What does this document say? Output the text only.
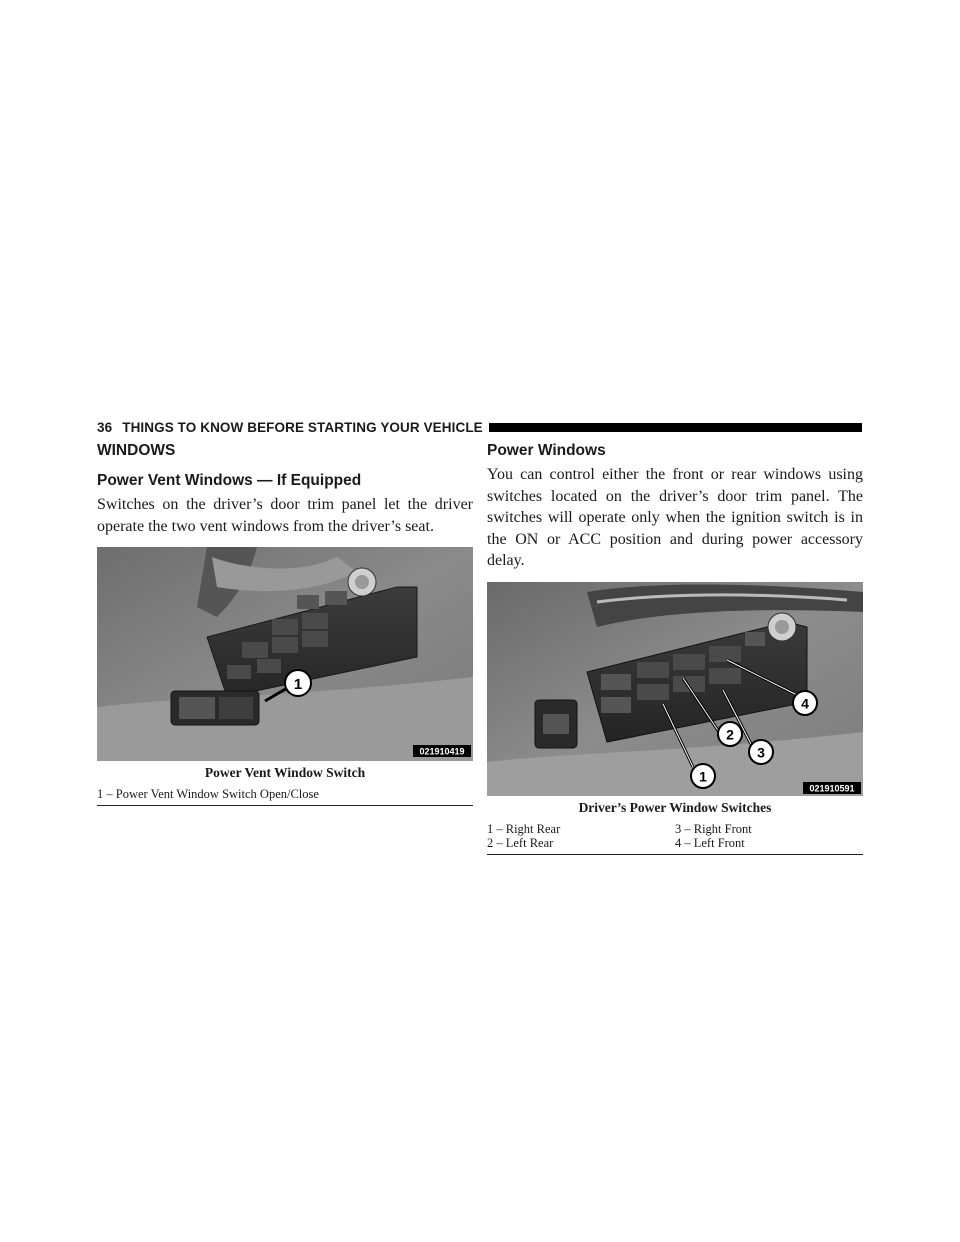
36 THINGS TO KNOW BEFORE STARTING YOUR VEHICLE
WINDOWS
Power Vent Windows — If Equipped

Switches on the driver’s door trim panel let the driver operate the two vent windows from the driver’s seat.

1
021910419
Power Vent Window Switch
1 – Power Vent Window Switch Open/Close
Power Windows

You can control either the front or rear windows using switches located on the driver’s door trim panel. The switches will operate only when the ignition switch is in the ON or ACC position and during power accessory delay.

1
2
3
4
021910591
Driver’s Power Window Switches
1 – Right Rear	3 – Right Front
2 – Left Rear	4 – Left Front
